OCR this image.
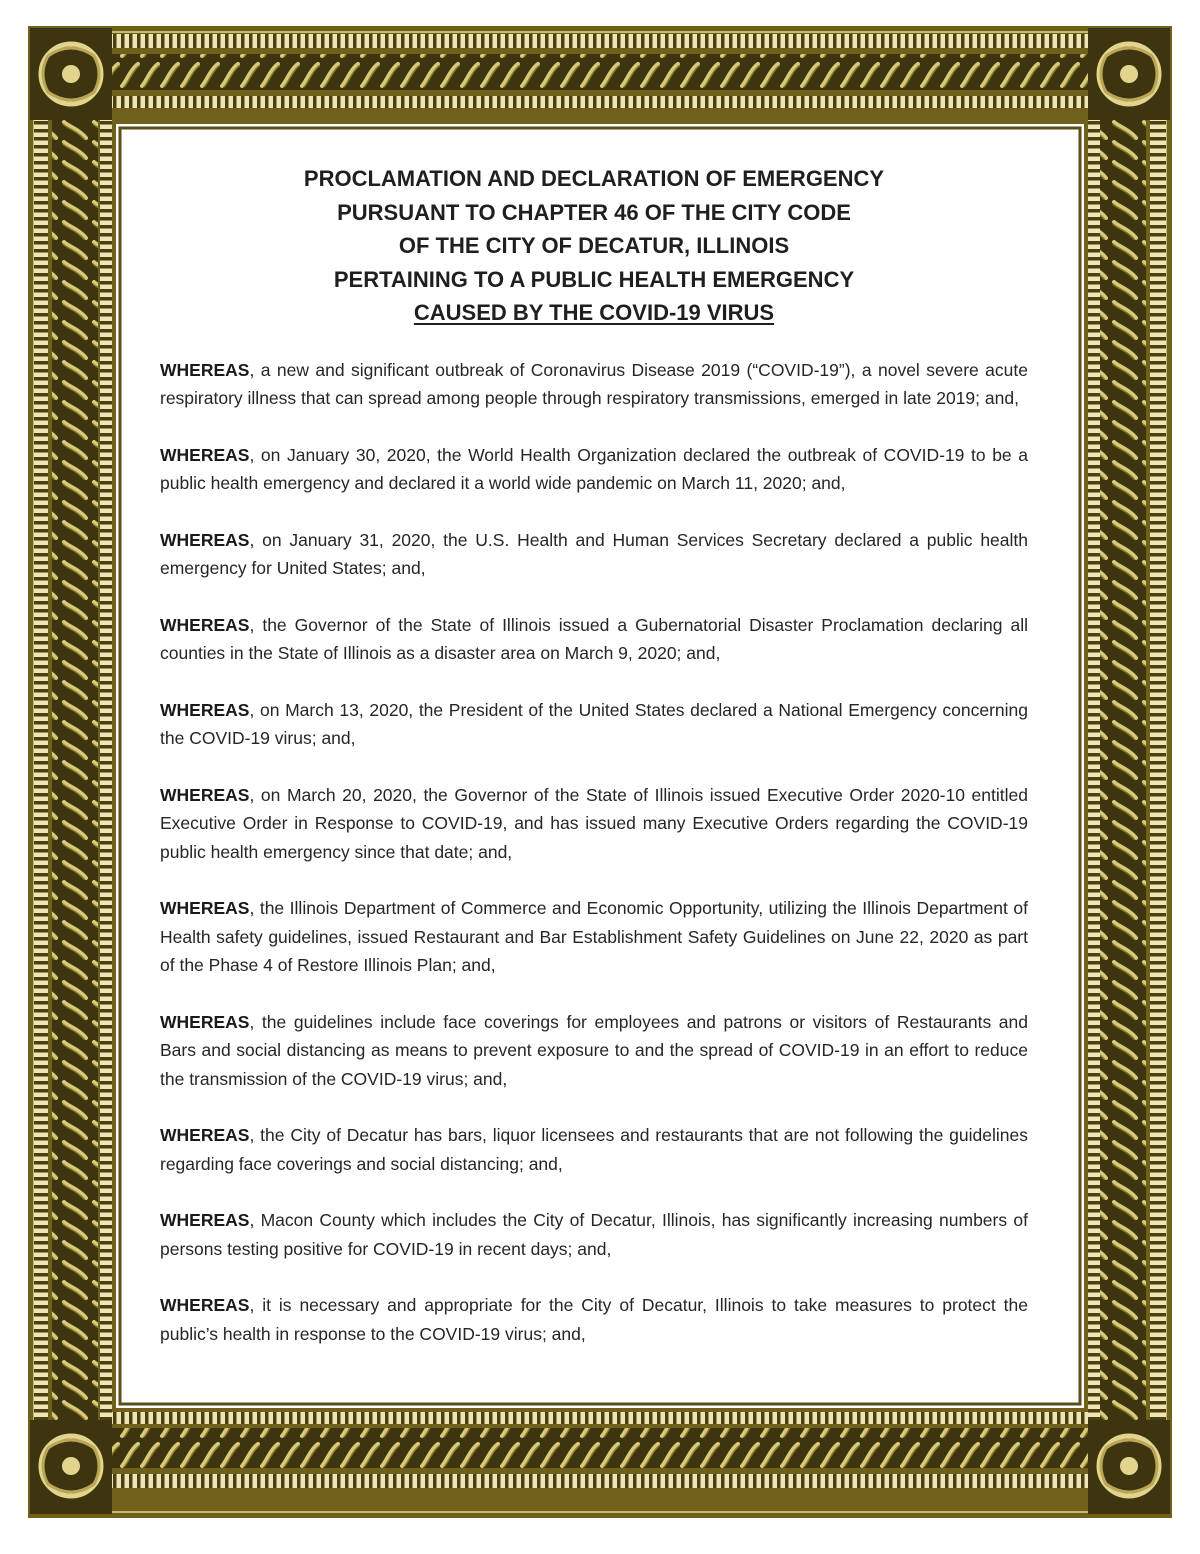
PROCLAMATION AND DECLARATION OF EMERGENCY
PURSUANT TO CHAPTER 46 OF THE CITY CODE
OF THE CITY OF DECATUR, ILLINOIS
PERTAINING TO A PUBLIC HEALTH EMERGENCY
CAUSED BY THE COVID-19 VIRUS

WHEREAS, a new and significant outbreak of Coronavirus Disease 2019 (“COVID-19”), a novel severe acute respiratory illness that can spread among people through respiratory transmissions, emerged in late 2019; and,

WHEREAS, on January 30, 2020, the World Health Organization declared the outbreak of COVID-19 to be a public health emergency and declared it a world wide pandemic on March 11, 2020; and,

WHEREAS, on January 31, 2020, the U.S. Health and Human Services Secretary declared a public health emergency for United States; and,

WHEREAS, the Governor of the State of Illinois issued a Gubernatorial Disaster Proclamation declaring all counties in the State of Illinois as a disaster area on March 9, 2020; and,

WHEREAS, on March 13, 2020, the President of the United States declared a National Emergency concerning the COVID-19 virus; and,

WHEREAS, on March 20, 2020, the Governor of the State of Illinois issued Executive Order 2020-10 entitled Executive Order in Response to COVID-19, and has issued many Executive Orders regarding the COVID-19 public health emergency since that date; and,

WHEREAS, the Illinois Department of Commerce and Economic Opportunity, utilizing the Illinois Department of Health safety guidelines, issued Restaurant and Bar Establishment Safety Guidelines on June 22, 2020 as part of the Phase 4 of Restore Illinois Plan; and,

WHEREAS, the guidelines include face coverings for employees and patrons or visitors of Restaurants and Bars and social distancing as means to prevent exposure to and the spread of COVID-19 in an effort to reduce the transmission of the COVID-19 virus; and,

WHEREAS, the City of Decatur has bars, liquor licensees and restaurants that are not following the guidelines regarding face coverings and social distancing; and,

WHEREAS, Macon County which includes the City of Decatur, Illinois, has significantly increasing numbers of persons testing positive for COVID-19 in recent days; and,

WHEREAS, it is necessary and appropriate for the City of Decatur, Illinois to take measures to protect the public’s health in response to the COVID-19 virus; and,
